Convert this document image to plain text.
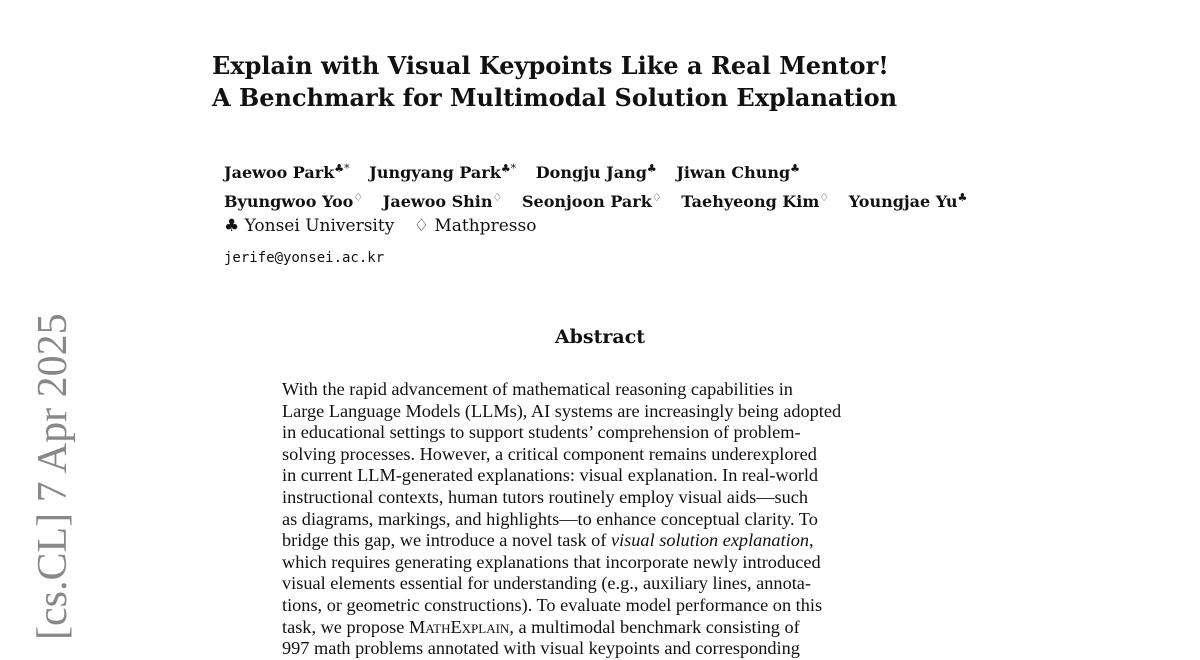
[cs.CL] 7 Apr 2025
Explain with Visual Keypoints Like a Real Mentor!
A Benchmark for Multimodal Solution Explanation
Jaewoo Park♣* Jungyang Park♣* Dongju Jang♣ Jiwan Chung♣
Byungwoo Yoo♢ Jaewoo Shin♢ Seonjoon Park♢ Taehyeong Kim♢ Youngjae Yu♣
♣ Yonsei University ♢ Mathpresso
jerife@yonsei.ac.kr
Abstract
With the rapid advancement of mathematical reasoning capabilities in
Large Language Models (LLMs), AI systems are increasingly being adopted
in educational settings to support students’ comprehension of problem-
solving processes. However, a critical component remains underexplored
in current LLM-generated explanations: visual explanation. In real-world
instructional contexts, human tutors routinely employ visual aids—such
as diagrams, markings, and highlights—to enhance conceptual clarity. To
bridge this gap, we introduce a novel task of visual solution explanation,
which requires generating explanations that incorporate newly introduced
visual elements essential for understanding (e.g., auxiliary lines, annota-
tions, or geometric constructions). To evaluate model performance on this
task, we propose MathExplain, a multimodal benchmark consisting of
997 math problems annotated with visual keypoints and corresponding
